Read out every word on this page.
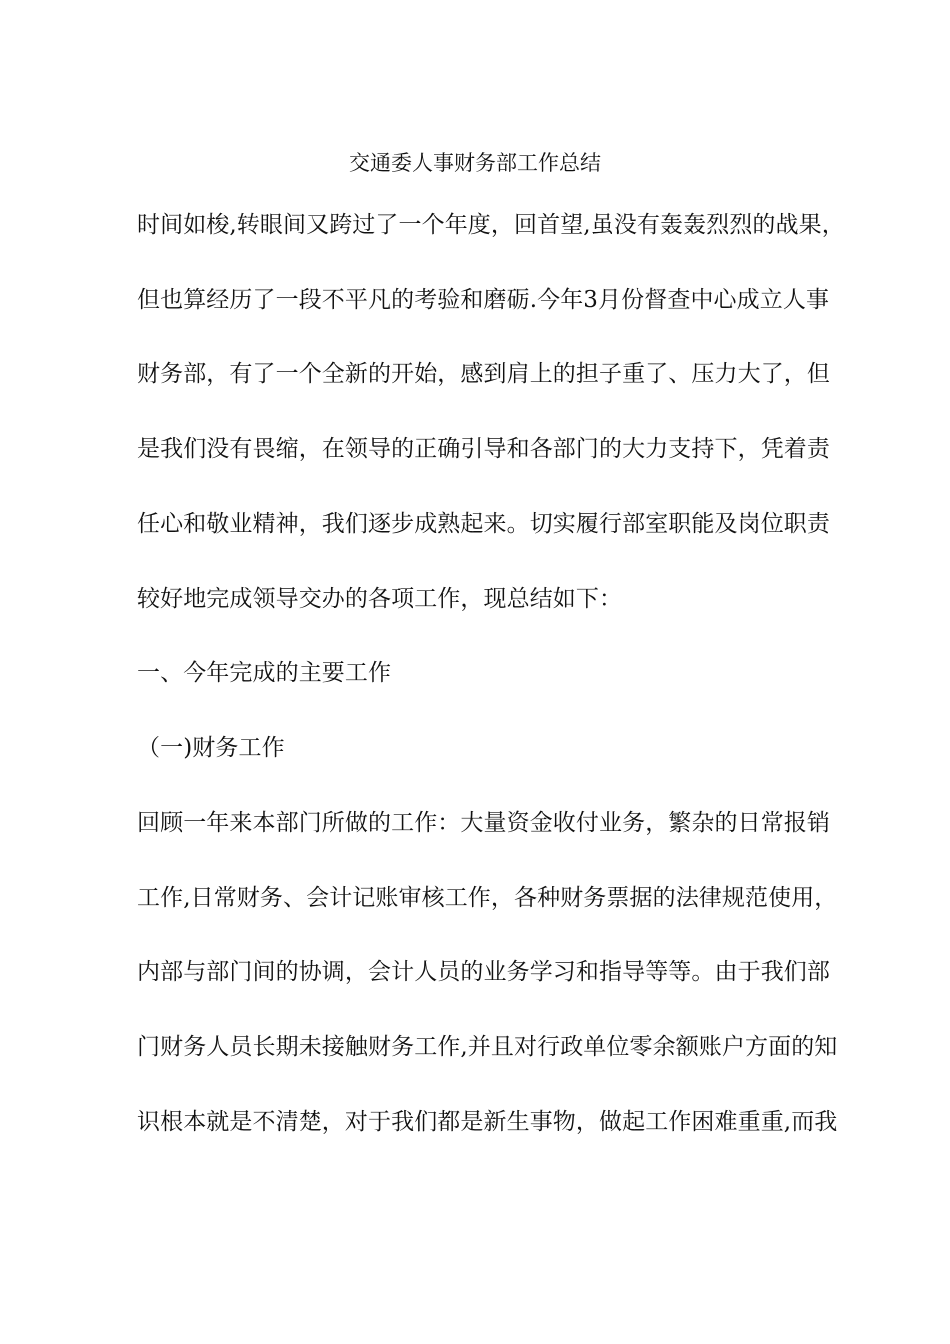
交通委人事财务部工作总结
时间如梭,转眼间又跨过了一个年度，回首望,虽没有轰轰烈烈的战果，
但也算经历了一段不平凡的考验和磨砺.今年3月份督查中心成立人事
财务部，有了一个全新的开始，感到肩上的担子重了、压力大了，但
是我们没有畏缩，在领导的正确引导和各部门的大力支持下，凭着责
任心和敬业精神，我们逐步成熟起来。切实履行部室职能及岗位职责
较好地完成领导交办的各项工作，现总结如下：
一、今年完成的主要工作
（一)财务工作
回顾一年来本部门所做的工作：大量资金收付业务，繁杂的日常报销
工作,日常财务、会计记账审核工作，各种财务票据的法律规范使用，
内部与部门间的协调，会计人员的业务学习和指导等等。由于我们部
门财务人员长期未接触财务工作,并且对行政单位零余额账户方面的知
识根本就是不清楚，对于我们都是新生事物，做起工作困难重重,而我
